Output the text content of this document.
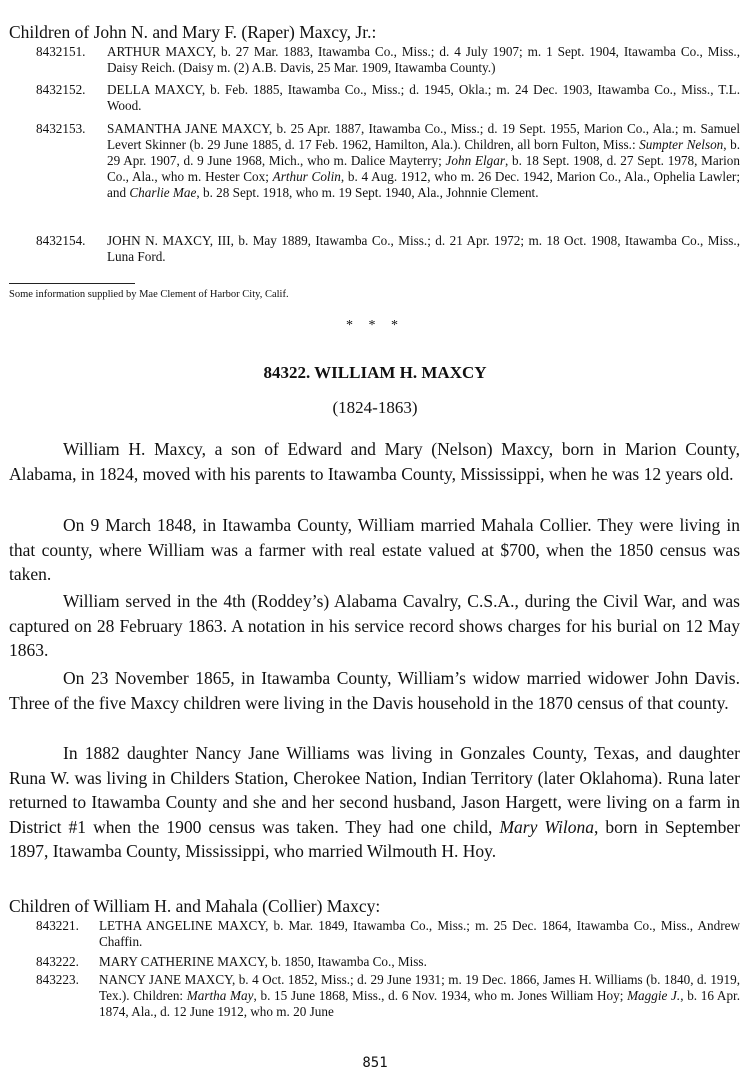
Children of John N. and Mary F. (Raper) Maxcy, Jr.:
8432151. ARTHUR MAXCY, b. 27 Mar. 1883, Itawamba Co., Miss.; d. 4 July 1907; m. 1 Sept. 1904, Itawamba Co., Miss., Daisy Reich. (Daisy m. (2) A.B. Davis, 25 Mar. 1909, Itawamba County.)
8432152. DELLA MAXCY, b. Feb. 1885, Itawamba Co., Miss.; d. 1945, Okla.; m. 24 Dec. 1903, Itawamba Co., Miss., T.L. Wood.
8432153. SAMANTHA JANE MAXCY, b. 25 Apr. 1887, Itawamba Co., Miss.; d. 19 Sept. 1955, Marion Co., Ala.; m. Samuel Levert Skinner (b. 29 June 1885, d. 17 Feb. 1962, Hamilton, Ala.). Children, all born Fulton, Miss.: Sumpter Nelson, b. 29 Apr. 1907, d. 9 June 1968, Mich., who m. Dalice Mayterry; John Elgar, b. 18 Sept. 1908, d. 27 Sept. 1978, Marion Co., Ala., who m. Hester Cox; Arthur Colin, b. 4 Aug. 1912, who m. 26 Dec. 1942, Marion Co., Ala., Ophelia Lawler; and Charlie Mae, b. 28 Sept. 1918, who m. 19 Sept. 1940, Ala., Johnnie Clement.
8432154. JOHN N. MAXCY, III, b. May 1889, Itawamba Co., Miss.; d. 21 Apr. 1972; m. 18 Oct. 1908, Itawamba Co., Miss., Luna Ford.
Some information supplied by Mae Clement of Harbor City, Calif.
* * *
84322. WILLIAM H. MAXCY
(1824-1863)
William H. Maxcy, a son of Edward and Mary (Nelson) Maxcy, born in Marion County, Alabama, in 1824, moved with his parents to Itawamba County, Mississippi, when he was 12 years old.
On 9 March 1848, in Itawamba County, William married Mahala Collier. They were living in that county, where William was a farmer with real estate valued at $700, when the 1850 census was taken.
William served in the 4th (Roddey’s) Alabama Cavalry, C.S.A., during the Civil War, and was captured on 28 February 1863. A notation in his service record shows charges for his burial on 12 May 1863.
On 23 November 1865, in Itawamba County, William’s widow married widower John Davis. Three of the five Maxcy children were living in the Davis household in the 1870 census of that county.
In 1882 daughter Nancy Jane Williams was living in Gonzales County, Texas, and daughter Runa W. was living in Childers Station, Cherokee Nation, Indian Territory (later Oklahoma). Runa later returned to Itawamba County and she and her second husband, Jason Hargett, were living on a farm in District #1 when the 1900 census was taken. They had one child, Mary Wilona, born in September 1897, Itawamba County, Mississippi, who married Wilmouth H. Hoy.
Children of William H. and Mahala (Collier) Maxcy:
843221. LETHA ANGELINE MAXCY, b. Mar. 1849, Itawamba Co., Miss.; m. 25 Dec. 1864, Itawamba Co., Miss., Andrew Chaffin.
843222. MARY CATHERINE MAXCY, b. 1850, Itawamba Co., Miss.
843223. NANCY JANE MAXCY, b. 4 Oct. 1852, Miss.; d. 29 June 1931; m. 19 Dec. 1866, James H. Williams (b. 1840, d. 1919, Tex.). Children: Martha May, b. 15 June 1868, Miss., d. 6 Nov. 1934, who m. Jones William Hoy; Maggie J., b. 16 Apr. 1874, Ala., d. 12 June 1912, who m. 20 June
851
